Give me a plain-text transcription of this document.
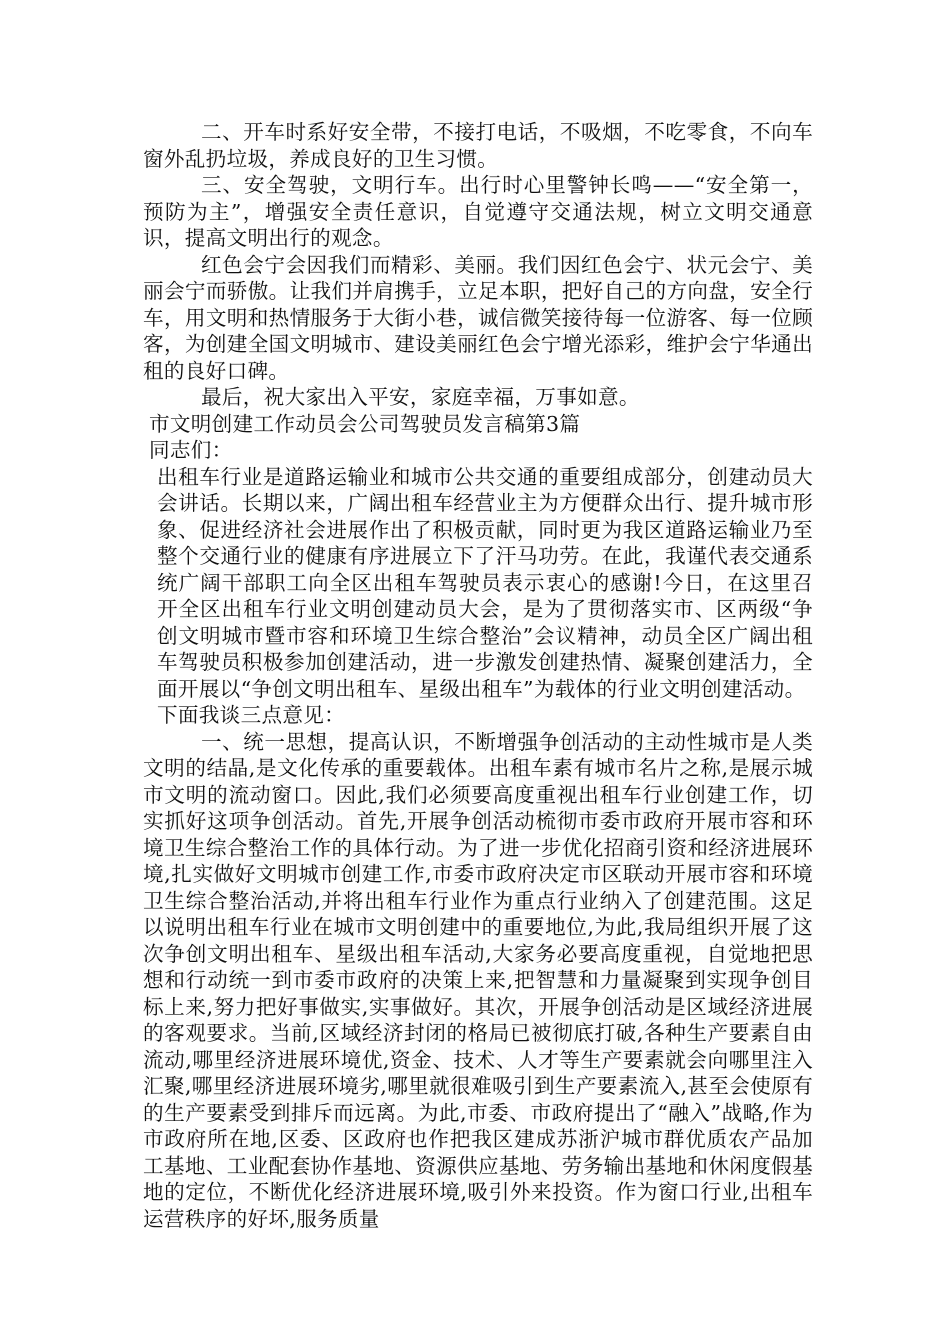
二、开车时系好安全带，不接打电话，不吸烟，不吃零食，不向车窗外乱扔垃圾，养成良好的卫生习惯。

三、安全驾驶，文明行车。出行时心里警钟长鸣——“安全第一，预防为主”，增强安全责任意识，自觉遵守交通法规，树立文明交通意识，提高文明出行的观念。

红色会宁会因我们而精彩、美丽。我们因红色会宁、状元会宁、美丽会宁而骄傲。让我们并肩携手，立足本职，把好自己的方向盘，安全行车，用文明和热情服务于大街小巷，诚信微笑接待每一位游客、每一位顾客，为创建全国文明城市、建设美丽红色会宁增光添彩，维护会宁华通出租的良好口碑。

最后，祝大家出入平安，家庭幸福，万事如意。

市文明创建工作动员会公司驾驶员发言稿第3篇

同志们：

出租车行业是道路运输业和城市公共交通的重要组成部分，创建动员大会讲话。长期以来，广阔出租车经营业主为方便群众出行、提升城市形象、促进经济社会进展作出了积极贡献，同时更为我区道路运输业乃至整个交通行业的健康有序进展立下了汗马功劳。在此，我谨代表交通系统广阔干部职工向全区出租车驾驶员表示衷心的感谢!今日，在这里召开全区出租车行业文明创建动员大会，是为了贯彻落实市、区两级“争创文明城市暨市容和环境卫生综合整治”会议精神，动员全区广阔出租车驾驶员积极参加创建活动，进一步激发创建热情、凝聚创建活力，全面开展以“争创文明出租车、星级出租车”为载体的行业文明创建活动。

下面我谈三点意见：

一、统一思想，提高认识，不断增强争创活动的主动性城市是人类文明的结晶,是文化传承的重要载体。出租车素有城市名片之称,是展示城市文明的流动窗口。因此,我们必须要高度重视出租车行业创建工作，切实抓好这项争创活动。首先,开展争创活动梳彻市委市政府开展市容和环境卫生综合整治工作的具体行动。为了进一步优化招商引资和经济进展环境,扎实做好文明城市创建工作,市委市政府决定市区联动开展市容和环境卫生综合整治活动,并将出租车行业作为重点行业纳入了创建范围。这足以说明出租车行业在城市文明创建中的重要地位,为此,我局组织开展了这次争创文明出租车、星级出租车活动,大家务必要高度重视，自觉地把思想和行动统一到市委市政府的决策上来,把智慧和力量凝聚到实现争创目标上来,努力把好事做实,实事做好。其次，开展争创活动是区域经济进展的客观要求。当前,区域经济封闭的格局已被彻底打破,各种生产要素自由流动,哪里经济进展环境优,资金、技术、人才等生产要素就会向哪里注入汇聚,哪里经济进展环境劣,哪里就很难吸引到生产要素流入,甚至会使原有的生产要素受到排斥而远离。为此,市委、市政府提出了“融入”战略,作为市政府所在地,区委、区政府也作把我区建成苏浙沪城市群优质农产品加工基地、工业配套协作基地、资源供应基地、劳务输出基地和休闲度假基地的定位，不断优化经济进展环境,吸引外来投资。作为窗口行业,出租车运营秩序的好坏,服务质量
